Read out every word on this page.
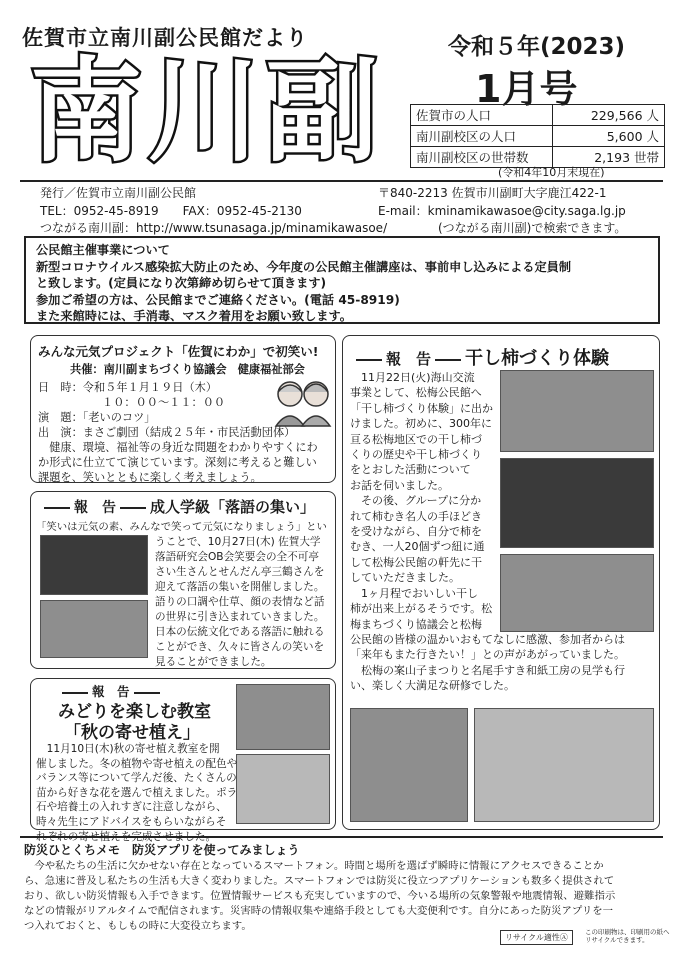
佐賀市立南川副公民館だより
南川副	令和５年(2023)
1月号
佐賀市の人口	229,566 人
南川副校区の人口	5,600 人
南川副校区の世帯数	2,193 世帯
(令和4年10月末現在)
発行／佐賀市立南川副公民館	〒840-2213 佐賀市川副町大字鹿江422-1
TEL：0952-45-8919　　FAX：0952-45-2130	E-mail：kminamikawasoe@city.saga.lg.jp
つながる南川副：http://www.tsunasaga.jp/minamikawasoe/	(つながる南川副)で検索できます。
公民館主催事業について
新型コロナウイルス感染拡大防止のため、今年度の公民館主催講座は、事前申し込みによる定員制
と致します。(定員になり次第締め切らせて頂きます)
参加ご希望の方は、公民館までご連絡ください。(電話 45-8919)
また来館時には、手消毒、マスク着用をお願い致します。
みんな元気プロジェクト「佐賀にわか」で初笑い!
共催：南川副まちづくり協議会　健康福祉部会
日　時：令和５年１月１９日（木）
１０：００～１１：００
演　題：「老いのコツ」
出　演：まさご劇団（結成２５年・市民活動団体）
　健康、環境、福祉等の身近な問題をわかりやすくにわ
か形式に仕立てて演じています。深刻に考えると難しい
課題を、笑いとともに楽しく考えましょう。
報　告 成人学級「落語の集い」
「笑いは元気の素、みんなで笑って元気になりましょう」とい
うことで、10月27日(木) 佐賀大学
落語研究会OB会笑要会の全不可亭
さい生さんとせんだん亭三鶴さんを
迎えて落語の集いを開催しました。
語りの口調や仕草、顔の表情など話
の世界に引き込まれていきました。
日本の伝統文化である落語に触れる
ことができ、久々に皆さんの笑いを
見ることができました。
報　告
みどりを楽しむ教室
「秋の寄せ植え」
　11月10日(木)秋の寄せ植え教室を開
催しました。冬の植物や寄せ植えの配色や
バランス等について学んだ後、たくさんの
苗から好きな花を選んで植えました。ポラ
石や培養土の入れすぎに注意しながら、
時々先生にアドバイスをもらいながらそ
報　告 干し柿づくり体験
　11月22日(火)海山交流
事業として、松梅公民館へ
「干し柿づくり体験」に出か
けました。初めに、300年に
亘る松梅地区での干し柿づ
くりの歴史や干し柿づくり
をとおした活動について
お話を伺いました。
　その後、グループに分か
れて柿むき名人の手ほどき
を受けながら、自分で柿を
むき、一人20個ずつ紐に通
して松梅公民館の軒先に干
していただきました。
　1ヶ月程でおいしい干し
柿が出来上がるそうです。松
梅まちづくり協議会と松梅
公民館の皆様の温かいおもてなしに感激、参加者からは
「来年もまた行きたい！」との声があがっていました。
　松梅の案山子まつりと名尾手すき和紙工房の見学も行
い、楽しく大満足な研修でした。
防災ひとくちメモ　防災アプリを使ってみましょう
　今や私たちの生活に欠かせない存在となっているスマートフォン。時間と場所を選ばず瞬時に情報にアクセスできることか
ら、急速に普及し私たちの生活も大きく変わりました。スマートフォンでは防災に役立つアプリケーションも数多く提供されて
おり、欲しい防災情報も入手できます。位置情報サービスも充実していますので、今いる場所の気象警報や地震情報、避難指示
などの情報がリアルタイムで配信されます。災害時の情報収集や連絡手段としても大変便利です。自分にあった防災アプリを一
つ入れておくと、もしもの時に大変役立ちます。
リサイクル適性Ⓐ
この印刷物は、印刷用の紙へ
リサイクルできます。
